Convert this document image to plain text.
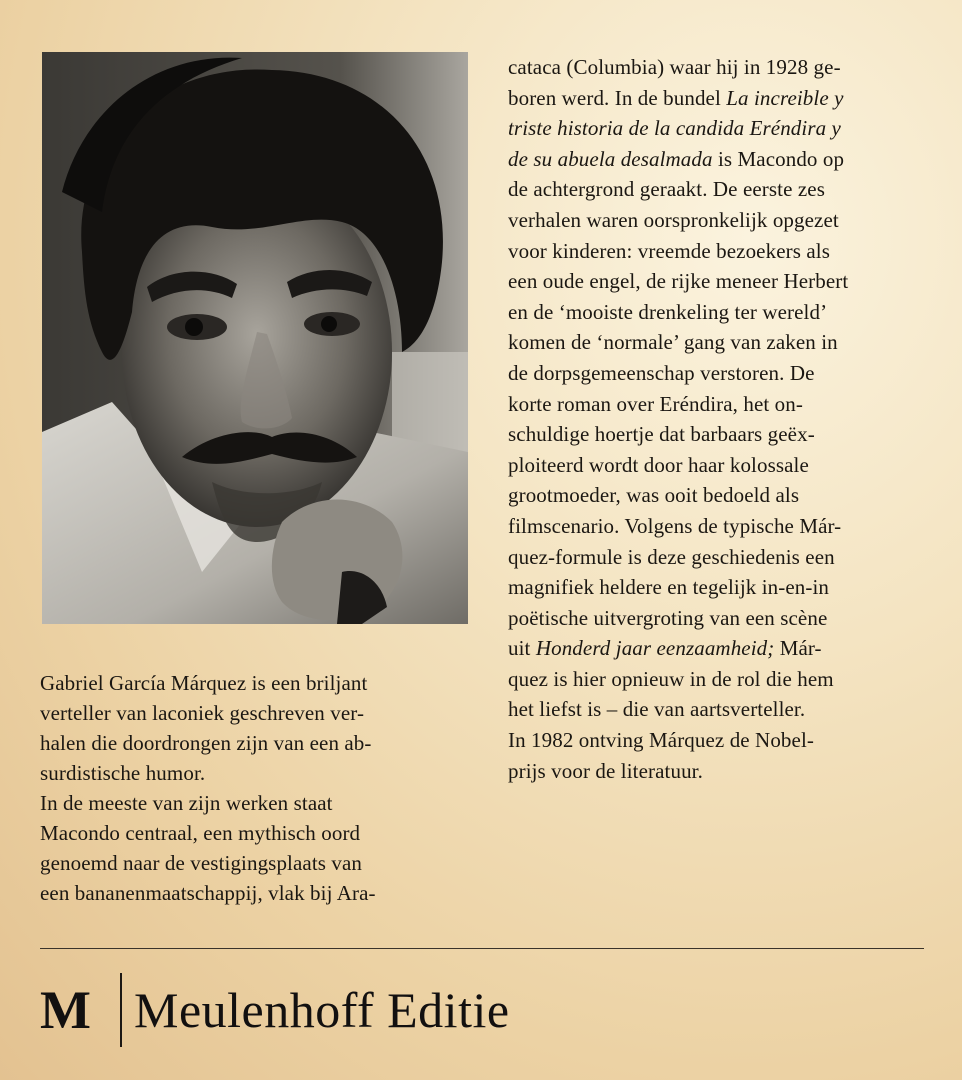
Gabriel García Márquez is een briljant
verteller van laconiek geschreven ver-
halen die doordrongen zijn van een ab-
surdistische humor.
In de meeste van zijn werken staat
Macondo centraal, een mythisch oord
genoemd naar de vestigingsplaats van
een bananenmaatschappij, vlak bij Ara-
cataca (Columbia) waar hij in 1928 ge-
boren werd. In de bundel La increible y
triste historia de la candida Eréndira y
de su abuela desalmada is Macondo op
de achtergrond geraakt. De eerste zes
verhalen waren oorspronkelijk opgezet
voor kinderen: vreemde bezoekers als
een oude engel, de rijke meneer Herbert
en de ‘mooiste drenkeling ter wereld’
komen de ‘normale’ gang van zaken in
de dorpsgemeenschap verstoren. De
korte roman over Eréndira, het on-
schuldige hoertje dat barbaars geëx-
ploiteerd wordt door haar kolossale
grootmoeder, was ooit bedoeld als
filmscenario. Volgens de typische Már-
quez-formule is deze geschiedenis een
magnifiek heldere en tegelijk in-en-in
poëtische uitvergroting van een scène
uit Honderd jaar eenzaamheid; Már-
quez is hier opnieuw in de rol die hem
het liefst is – die van aartsverteller.
In 1982 ontving Márquez de Nobel-
prijs voor de literatuur.
M Meulenhoff Editie
